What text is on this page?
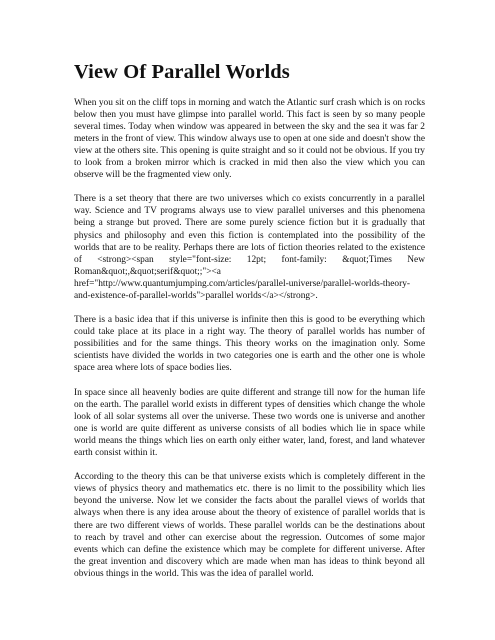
View Of Parallel Worlds

When you sit on the cliff tops in morning and watch the Atlantic surf crash which is on rocks below then you must have glimpse into parallel world. This fact is seen by so many people several times. Today when window was appeared in between the sky and the sea it was far 2 meters in the front of view. This window always use to open at one side and doesn't show the view at the others site. This opening is quite straight and so it could not be obvious. If you try to look from a broken mirror which is cracked in mid then also the view which you can observe will be the fragmented view only.

There is a set theory that there are two universes which co exists concurrently in a parallel way. Science and TV programs always use to view parallel universes and this phenomena being a strange but proved. There are some purely science fiction but it is gradually that physics and philosophy and even this fiction is contemplated into the possibility of the worlds that are to be reality. Perhaps there are lots of fiction theories related to the existence of <strong><span style="font-size: 12pt; font-family: &quot;Times New Roman&quot;,&quot;serif&quot;;"><a href="http://www.quantumjumping.com/articles/parallel-universe/parallel-worlds-theory-and-existence-of-parallel-worlds">parallel worlds</a></strong>.

There is a basic idea that if this universe is infinite then this is good to be everything which could take place at its place in a right way. The theory of parallel worlds has number of possibilities and for the same things. This theory works on the imagination only. Some scientists have divided the worlds in two categories one is earth and the other one is whole space area where lots of space bodies lies.

In space since all heavenly bodies are quite different and strange till now for the human life on the earth. The parallel world exists in different types of densities which change the whole look of all solar systems all over the universe. These two words one is universe and another one is world are quite different as universe consists of all bodies which lie in space while world means the things which lies on earth only either water, land, forest, and land whatever earth consist within it.

According to the theory this can be that universe exists which is completely different in the views of physics theory and mathematics etc. there is no limit to the possibility which lies beyond the universe. Now let we consider the facts about the parallel views of worlds that always when there is any idea arouse about the theory of existence of parallel worlds that is there are two different views of worlds. These parallel worlds can be the destinations about to reach by travel and other can exercise about the regression. Outcomes of some major events which can define the existence which may be complete for different universe. After the great invention and discovery which are made when man has ideas to think beyond all obvious things in the world. This was the idea of parallel world.
